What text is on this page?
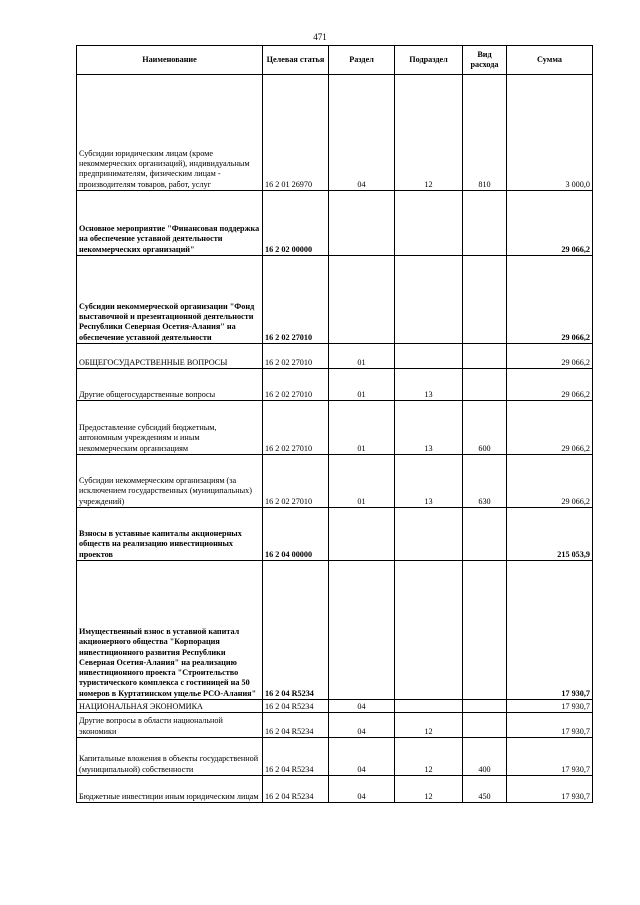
471
Наименование	Целевая статья	Раздел	Подраздел	Вид расхода	Сумма
Субсидии юридическим лицам (кроме некоммерческих организаций), индивидуальным предпринимателям, физическим лицам - производителям товаров, работ, услуг	16 2 01 26970	04	12	810	3 000,0
Основное мероприятие "Финансовая поддержка на обеспечение уставной деятельности некоммерческих организаций"	16 2 02 00000				29 066,2
Субсидии некоммерческой организации "Фонд выставочной и презентационной деятельности Республики Северная Осетия-Алания" на обеспечение уставной деятельности	16 2 02 27010				29 066,2
ОБЩЕГОСУДАРСТВЕННЫЕ ВОПРОСЫ	16 2 02 27010	01			29 066,2
Другие общегосударственные вопросы	16 2 02 27010	01	13		29 066,2
Предоставление субсидий бюджетным, автономным учреждениям и иным некоммерческим организациям	16 2 02 27010	01	13	600	29 066,2
Субсидии некоммерческим организациям (за исключением государственных (муниципальных) учреждений)	16 2 02 27010	01	13	630	29 066,2
Взносы в уставные капиталы акционерных обществ на реализацию инвестиционных проектов	16 2 04 00000				215 053,9
Имущественный взнос в уставной капитал акционерного общества "Корпорация инвестиционного развития Республики Северная Осетия-Алания" на реализацию инвестиционного проекта "Строительство туристического комплекса с гостиницей на 50 номеров в Куртатинском ущелье РСО-Алания"	16 2 04 R5234				17 930,7
НАЦИОНАЛЬНАЯ ЭКОНОМИКА	16 2 04 R5234	04			17 930,7
Другие вопросы в области национальной экономики	16 2 04 R5234	04	12		17 930,7
Капитальные вложения в объекты государственной (муниципальной) собственности	16 2 04 R5234	04	12	400	17 930,7
Бюджетные инвестиции иным юридическим лицам	16 2 04 R5234	04	12	450	17 930,7
